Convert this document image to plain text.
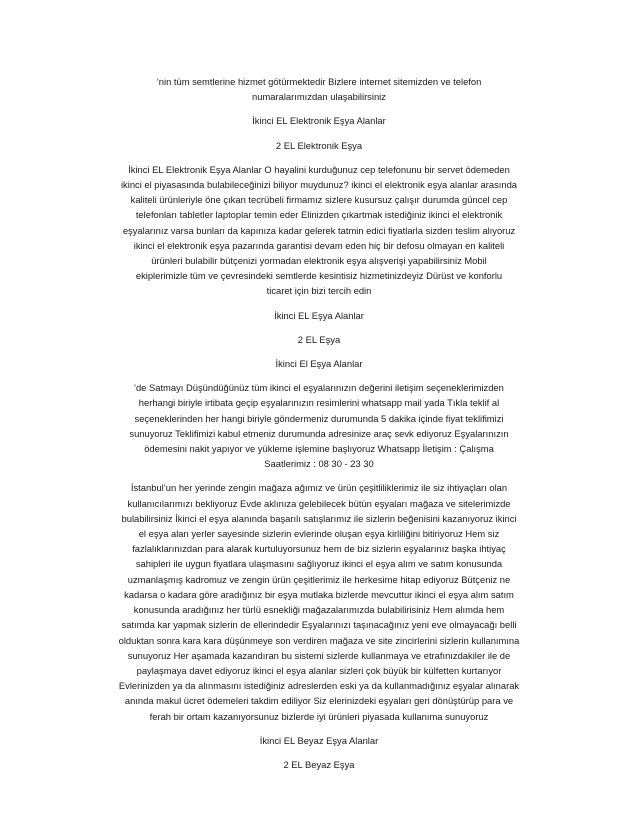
’nin tüm semtlerine hizmet götürmektedir Bizlere internet sitemizden ve telefon
numaralarımızdan ulaşabilirsiniz
İkinci EL Elektronik Eşya Alanlar
2 EL Elektronik Eşya
İkinci EL Elektronik Eşya Alanlar O hayalini kurduğunuz cep telefonunu bir servet ödemeden
ikinci el piyasasında bulabileceğinizi biliyor muydunuz? ikinci el elektronik eşya alanlar arasında
kaliteli ürünleriyle öne çıkan tecrübeli firmamız sizlere kusursuz çalışır durumda güncel cep
telefonları tabletler laptoplar temin eder Elinizden çıkartmak istediğiniz ikinci el elektronik
eşyalarınız varsa bunları da kapınıza kadar gelerek tatmin edici fiyatlarla sizden teslim alıyoruz
ikinci el elektronik eşya pazarında garantisi devam eden hiç bir defosu olmayan en kaliteli
ürünleri bulabilir bütçenizi yormadan elektronik eşya alışverişi yapabilirsiniz Mobil
ekiplerimizle tüm ve çevresindeki semtlerde kesintisiz hizmetinizdeyiz Dürüst ve konforlu
ticaret için bizi tercih edin
İkinci EL Eşya Alanlar
2 EL Eşya
İkinci El Eşya Alanlar
'de Satmayı Düşündüğünüz tüm ikinci el eşyalarınızın değerini iletişim seçeneklerimizden
herhangi biriyle irtibata geçip eşyalarınızın resimlerini whatsapp mail yada Tıkla teklif al
seçeneklerinden her hangi biriyle göndermeniz durumunda 5 dakika içinde fiyat teklifimizi
sunuyoruz Teklifimizi kabul etmeniz durumunda adresinize araç sevk ediyoruz Eşyalarınızın
ödemesini nakit yapıyor ve yükleme işlemine başlıyoruz Whatsapp İletişim : Çalışma
Saatlerimiz : 08 30 - 23 30
İstanbul’un her yerinde zengin mağaza ağımız ve ürün çeşitliliklerimiz ile siz ihtiyaçları olan
kullanıcılarımızı bekliyoruz Evde aklınıza gelebilecek bütün eşyaları mağaza ve sitelerimizde
bulabilirsiniz İkinci el eşya alanında başarılı satışlarımız ile sizlerin beğenisini kazanıyoruz ikinci
el eşya alan yerler sayesinde sizlerin evlerinde oluşan eşya kirliliğini bitiriyoruz Hem siz
fazlalıklarınızdan para alarak kurtuluyorsunuz hem de biz sizlerin eşyalarınız başka ihtiyaç
sahipleri ile uygun fiyatlara ulaşmasını sağlıyoruz ikinci el eşya alım ve satım konusunda
uzmanlaşmış kadromuz ve zengin ürün çeşitlerimiz ile herkesime hitap ediyoruz Bütçeniz ne
kadarsa o kadara göre aradığınız bir eşya mutlaka bizlerde mevcuttur ikinci el eşya alım satım
konusunda aradığınız her türlü esnekliği mağazalarımızda bulabilirisiniz Hem alımda hem
satımda kar yapmak sizlerin de ellerindedir Eşyalarınızı taşınacağınız yeni eve olmayacağı belli
olduktan sonra kara kara düşünmeye son verdiren mağaza ve site zincirlerini sizlerin kullanımına
sunuyoruz Her aşamada kazandıran bu sistemi sizlerde kullanmaya ve etrafınızdakiler ile de
paylaşmaya davet ediyoruz ikinci el eşya alanlar sizleri çok büyük bir külfetten kurtarıyor
Evlerinizden ya da alınmasını istediğiniz adreslerden eski ya da kullanmadığınız eşyalar alınarak
anında makul ücret ödemeleri takdim ediliyor Siz elerinizdeki eşyaları geri dönüştürüp para ve
ferah bir ortam kazanıyorsunuz bizlerde iyi ürünleri piyasada kullanıma sunuyoruz
İkinci EL Beyaz Eşya Alanlar
2 EL Beyaz Eşya
